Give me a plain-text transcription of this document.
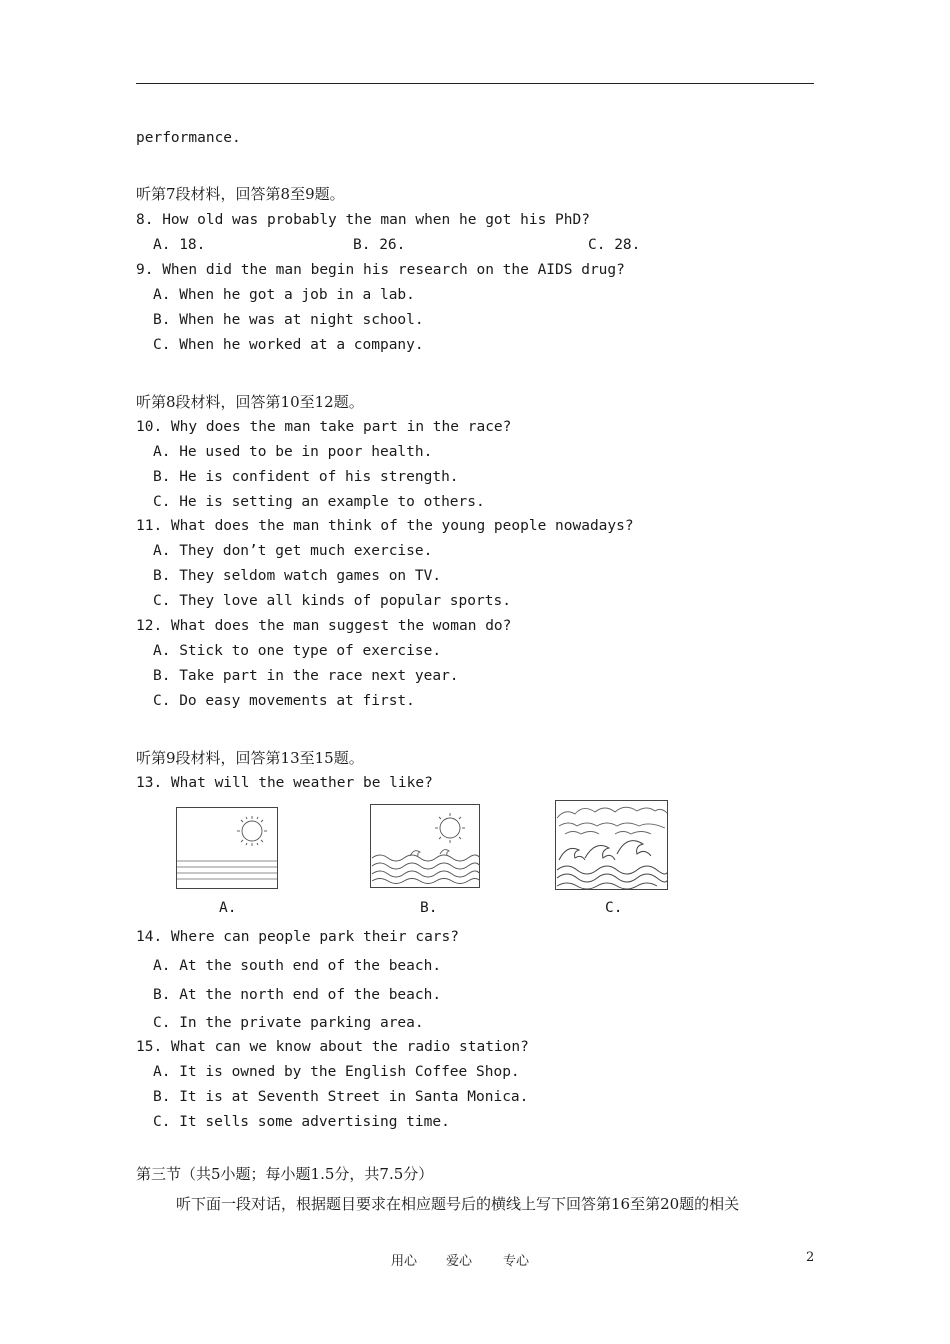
performance.
听第7段材料，回答第8至9题。
8. How old was probably the man when he got his PhD?
A. 18.	B. 26.	C. 28.
9. When did the man begin his research on the AIDS drug?
A. When he got a job in a lab.
B. When he was at night school.
C. When he worked at a company.
听第8段材料，回答第10至12题。
10. Why does the man take part in the race?
A. He used to be in poor health.
B. He is confident of his strength.
C. He is setting an example to others.
11. What does the man think of the young people nowadays?
A. They don’t get much exercise.
B. They seldom watch games on TV.
C. They love all kinds of popular sports.
12. What does the man suggest the woman do?
A. Stick to one type of exercise.
B. Take part in the race next year.
C. Do easy movements at first.
听第9段材料，回答第13至15题。
13. What will the weather be like?
A.	B.	C.
14. Where can people park their cars?
A. At the south end of the beach.
B. At the north end of the beach.
C. In the private parking area.
15. What can we know about the radio station?
A. It is owned by the English Coffee Shop.
B. It is at Seventh Street in Santa Monica.
C. It sells some advertising time.
第三节（共5小题；每小题1.5分，共7.5分）
听下面一段对话，根据题目要求在相应题号后的横线上写下回答第16至第20题的相关
用心 爱心 专心	2
